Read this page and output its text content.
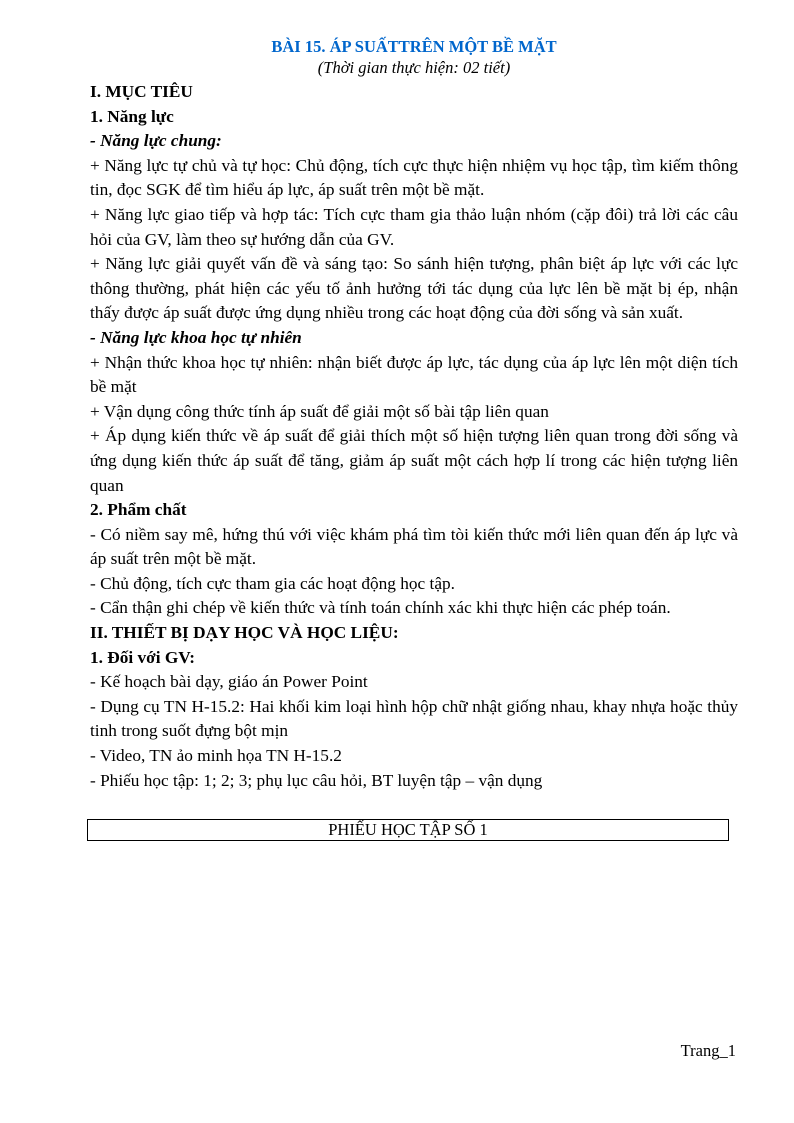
BÀI 15. ÁP SUẤTTRÊN MỘT BỀ MẶT
(Thời gian thực hiện: 02 tiết)
I. MỤC TIÊU
1. Năng lực
- Năng lực chung:
+ Năng lực tự chủ và tự học: Chủ động, tích cực thực hiện nhiệm vụ học tập, tìm kiếm thông tin, đọc SGK để tìm hiểu áp lực, áp suất trên một bề mặt.
+ Năng lực giao tiếp và hợp tác: Tích cực tham gia thảo luận nhóm (cặp đôi) trả lời các câu hỏi của GV, làm theo sự hướng dẫn của GV.
+ Năng lực giải quyết vấn đề và sáng tạo: So sánh hiện tượng, phân biệt áp lực với các lực thông thường, phát hiện các yếu tố ảnh hưởng tới tác dụng của lực lên bề mặt bị ép, nhận thấy được áp suất được ứng dụng nhiều trong các hoạt động của đời sống và sản xuất.
- Năng lực khoa học tự nhiên
+ Nhận thức khoa học tự nhiên: nhận biết được áp lực, tác dụng của áp lực lên một diện tích bề mặt
+ Vận dụng công thức tính áp suất để giải một số bài tập liên quan
+ Áp dụng kiến thức về áp suất để giải thích một số hiện tượng liên quan trong đời sống và ứng dụng kiến thức áp suất để tăng, giảm áp suất một cách hợp lí trong các hiện tượng liên quan
2. Phẩm chất
- Có niềm say mê, hứng thú với việc khám phá tìm tòi kiến thức mới liên quan đến áp lực và áp suất trên một bề mặt.
- Chủ động, tích cực tham gia các hoạt động học tập.
- Cẩn thận ghi chép về kiến thức và tính toán chính xác khi thực hiện các phép toán.
II. THIẾT BỊ DẠY HỌC VÀ HỌC LIỆU:
1. Đối với GV:
- Kế hoạch bài dạy, giáo án Power Point
- Dụng cụ TN H-15.2: Hai khối kim loại hình hộp chữ nhật giống nhau, khay nhựa hoặc thủy tinh trong suốt đựng bột mịn
- Video, TN ảo minh họa TN H-15.2
- Phiếu học tập: 1; 2; 3; phụ lục câu hỏi, BT luyện tập – vận dụng
PHIẾU HỌC TẬP SỐ 1
Trang_1
